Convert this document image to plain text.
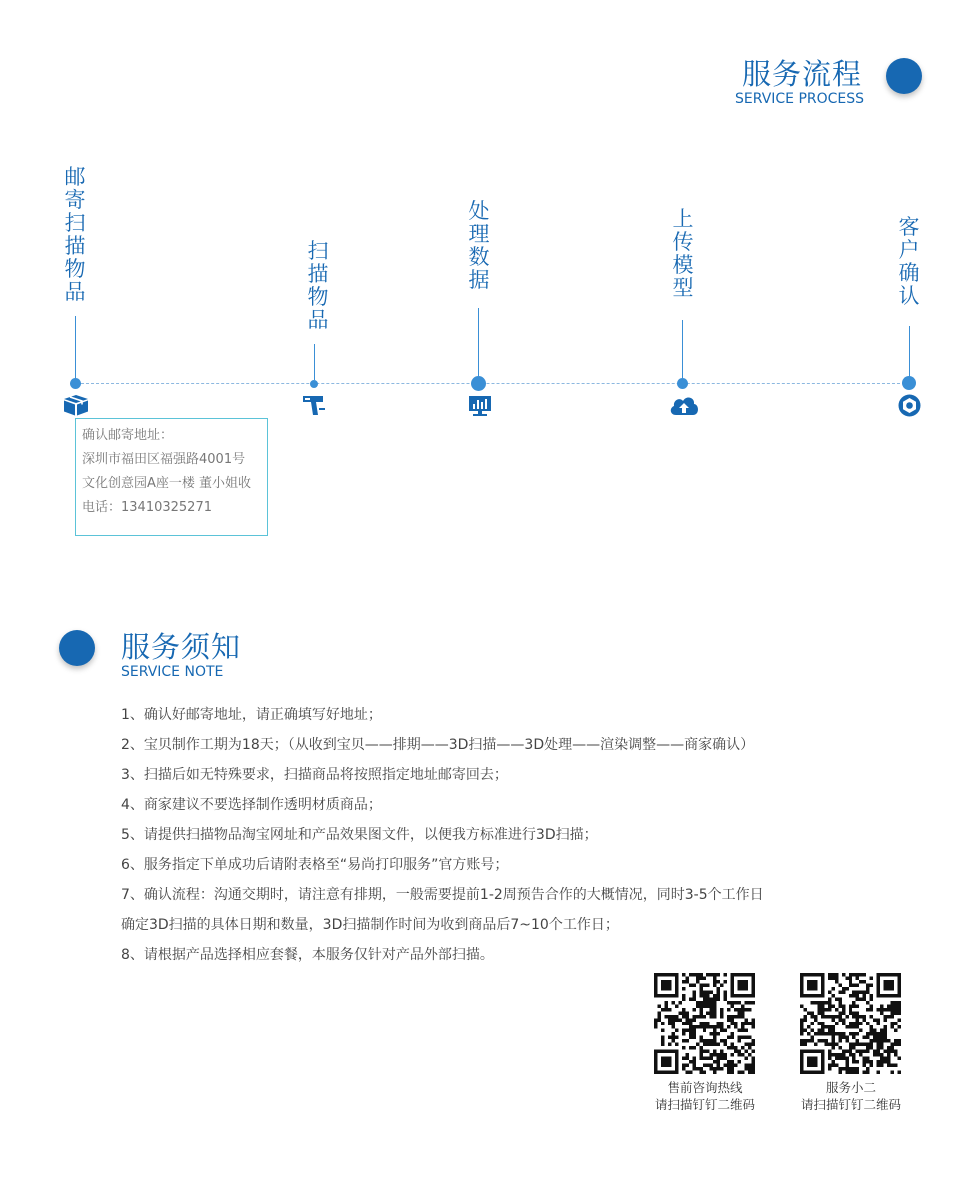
服务流程
SERVICE PROCESS
邮寄扫描物品
确认邮寄地址：
深圳市福田区福强路4001号
文化创意园A座一楼 董小姐收
电话：13410325271
扫描物品
处理数据
上传模型
客户确认
服务须知
SERVICE NOTE
1、确认好邮寄地址，请正确填写好地址；
2、宝贝制作工期为18天；（从收到宝贝——排期——3D扫描——3D处理——渲染调整——商家确认）
3、扫描后如无特殊要求，扫描商品将按照指定地址邮寄回去；
4、商家建议不要选择制作透明材质商品；
5、请提供扫描物品淘宝网址和产品效果图文件，以便我方标准进行3D扫描；
6、服务指定下单成功后请附表格至“易尚打印服务”官方账号；
7、确认流程：沟通交期时，请注意有排期，一般需要提前1-2周预告合作的大概情况，同时3-5个工作日
确定3D扫描的具体日期和数量，3D扫描制作时间为收到商品后7~10个工作日；
8、请根据产品选择相应套餐，本服务仅针对产品外部扫描。
售前咨询热线
请扫描钉钉二维码
服务小二
请扫描钉钉二维码
